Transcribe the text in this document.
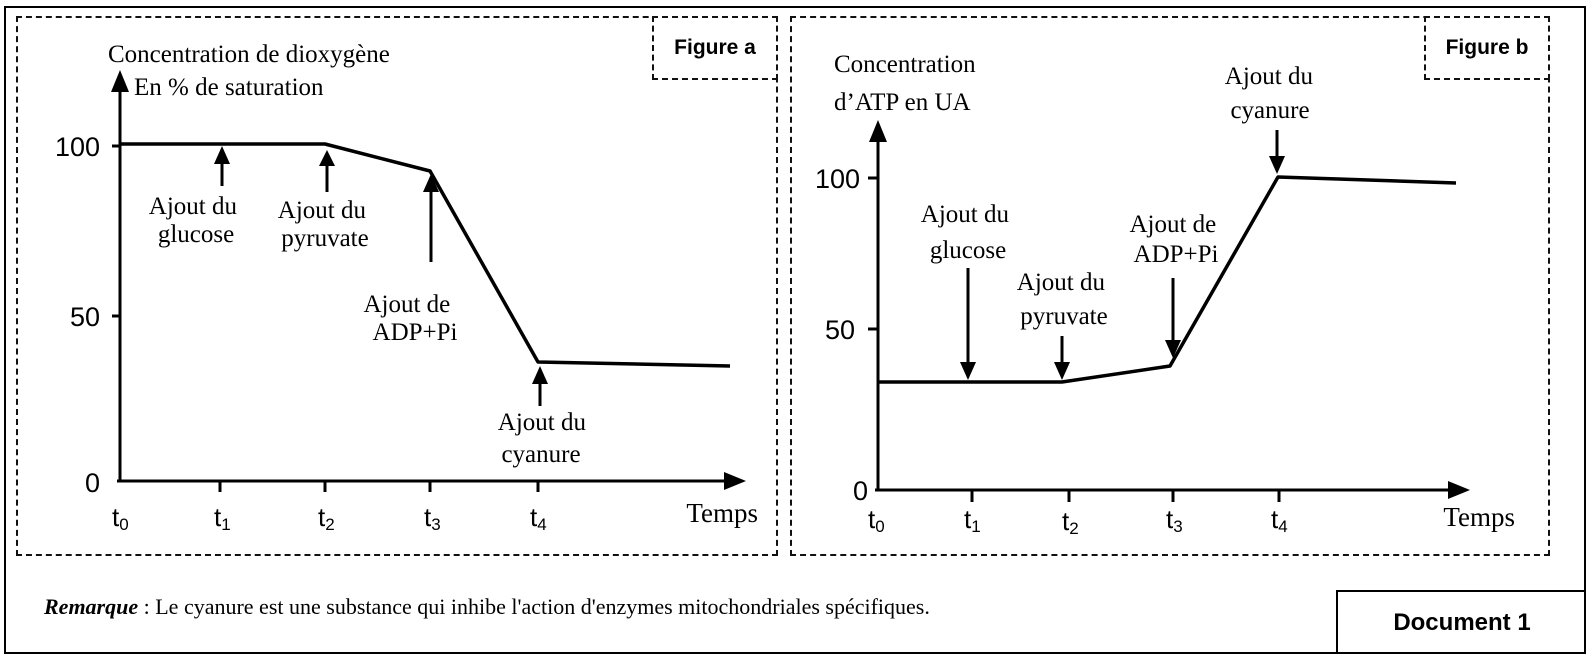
Figure a	Figure b
100
50
0
t0	t1	t2	t3	t4	Temps
Concentration de dioxygène
En % de saturation
Ajout du glucose
Ajout du pyruvate
Ajout de ADP+Pi
Ajout du cyanure
100
50
0
t0	t1	t2	t3	t4	Temps
Concentration
d’ATP en UA
Ajout du glucose
Ajout du pyruvate
Ajout de ADP+Pi
Ajout du cyanure
Remarque : Le cyanure est une substance qui inhibe l'action d'enzymes mitochondriales spécifiques.
Document 1
